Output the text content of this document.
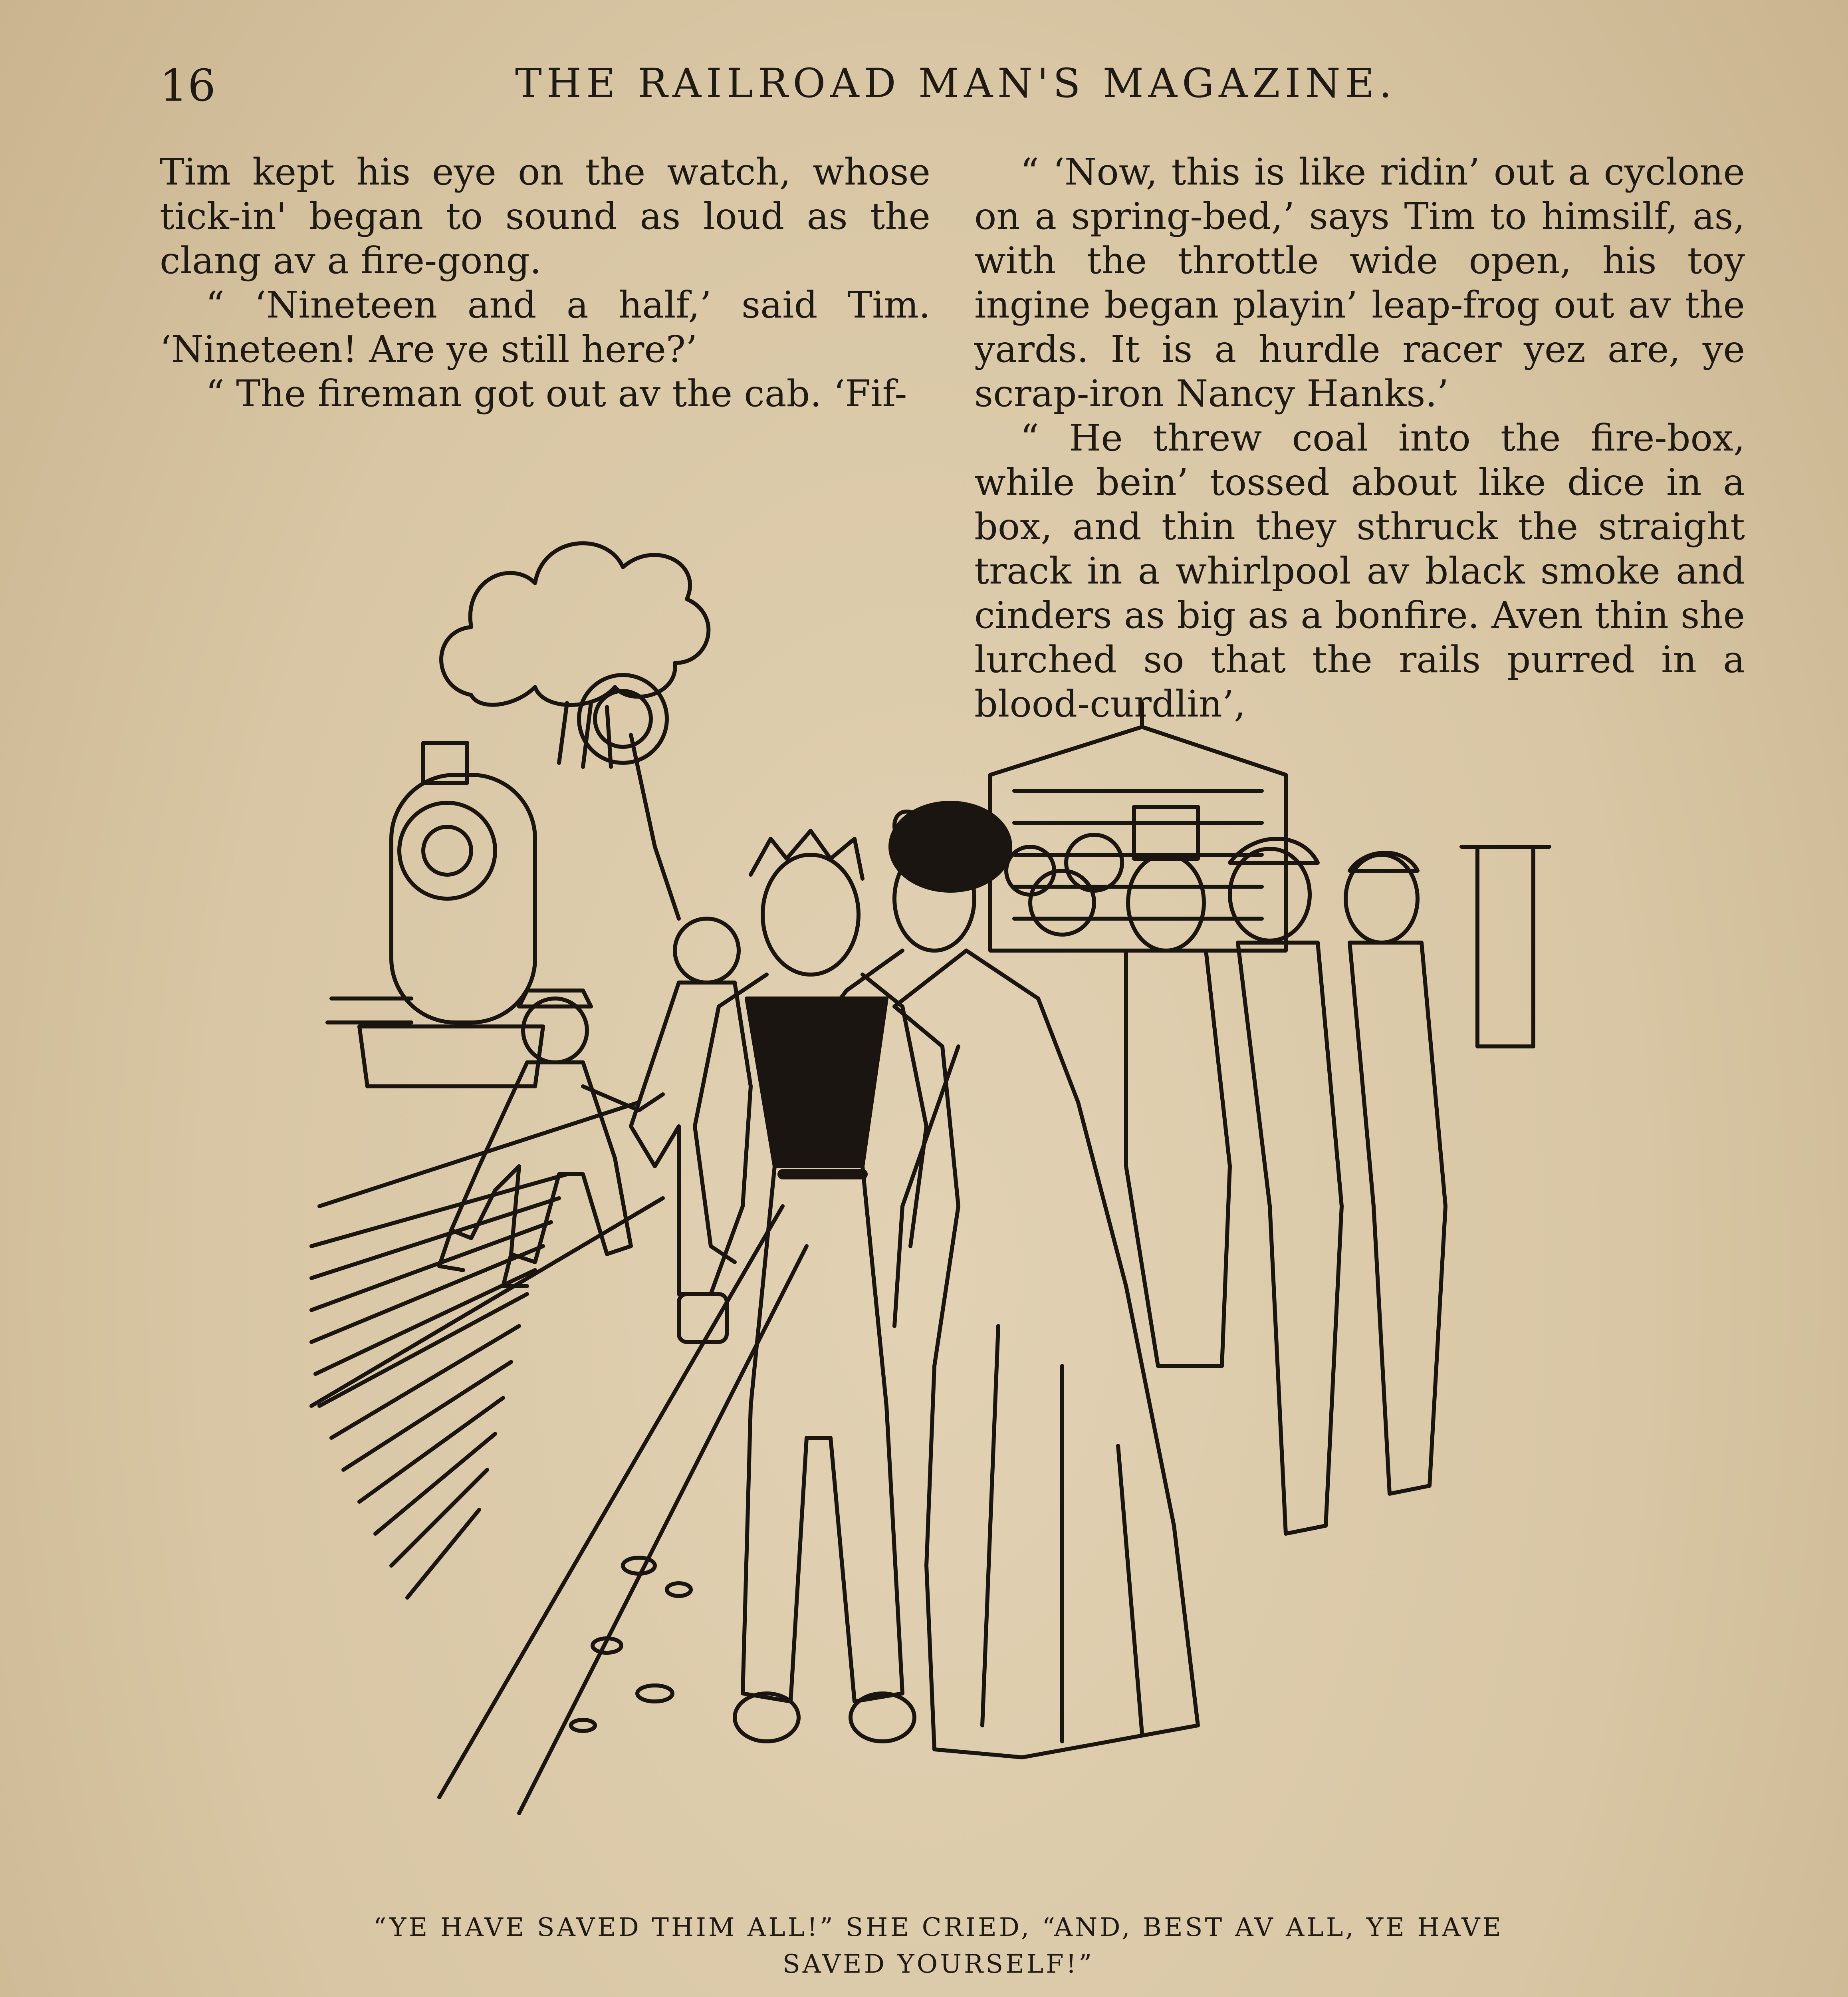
16	THE RAILROAD MAN'S MAGAZINE.

Tim kept his eye on the watch, whose tick-in' began to sound as loud as the clang av a fire-gong.

“ ‘Nineteen and a half,’ said Tim. ‘Nineteen! Are ye still here?’

“ The fireman got out av the cab. ‘Fif-

“ ‘Now, this is like ridin’ out a cyclone on a spring-bed,’ says Tim to himsilf, as, with the throttle wide open, his toy ingine began playin’ leap-frog out av the yards. It is a hurdle racer yez are, ye scrap-iron Nancy Hanks.’

“ He threw coal into the fire-box, while bein’ tossed about like dice in a box, and thin they sthruck the straight track in a whirlpool av black smoke and cinders as big as a bonfire. Aven thin she lurched so that the rails purred in a blood-curdlin’,

“YE HAVE SAVED THIM ALL!” SHE CRIED, “AND, BEST AV ALL, YE HAVE SAVED YOURSELF!”
